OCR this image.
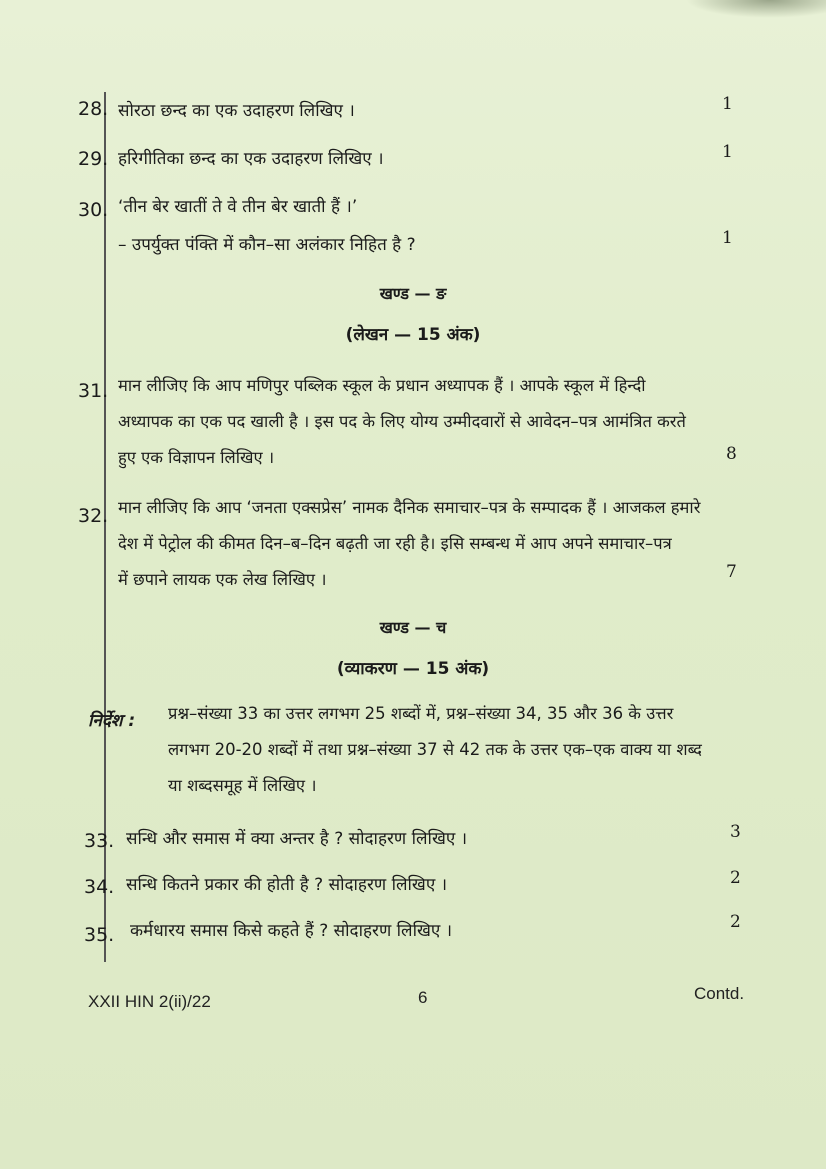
28. सोरठा छन्द का एक उदाहरण लिखिए ।	1
29. हरिगीतिका छन्द का एक उदाहरण लिखिए ।	1
30. ‘तीन बेर खातीं ते वे तीन बेर खाती हैं ।’
– उपर्युक्त पंक्ति में कौन–सा अलंकार निहित है ?	1
खण्ड — ङ
(लेखन — 15 अंक)
31. मान लीजिए कि आप मणिपुर पब्लिक स्कूल के प्रधान अध्यापक हैं । आपके स्कूल में हिन्दी
अध्यापक का एक पद खाली है । इस पद के लिए योग्य उम्मीदवारों से आवेदन–पत्र आमंत्रित करते
हुए एक विज्ञापन लिखिए ।	8
32. मान लीजिए कि आप ‘जनता एक्सप्रेस’ नामक दैनिक समाचार–पत्र के सम्पादक हैं । आजकल हमारे
देश में पेट्रोल की कीमत दिन–ब–दिन बढ़ती जा रही है। इसि सम्बन्ध में आप अपने समाचार–पत्र
में छपाने लायक एक लेख लिखिए ।	7
खण्ड — च
(व्याकरण — 15 अंक)
निर्देश : प्रश्न–संख्या 33 का उत्तर लगभग 25 शब्दों में, प्रश्न–संख्या 34, 35 और 36 के उत्तर
लगभग 20-20 शब्दों में तथा प्रश्न–संख्या 37 से 42 तक के उत्तर एक–एक वाक्य या शब्द
या शब्दसमूह में लिखिए ।
33. सन्धि और समास में क्या अन्तर है ? सोदाहरण लिखिए ।	3
34. सन्धि कितने प्रकार की होती है ? सोदाहरण लिखिए ।	2
35. कर्मधारय समास किसे कहते हैं ? सोदाहरण लिखिए ।	2
XXII HIN 2(ii)/22	6	Contd.
